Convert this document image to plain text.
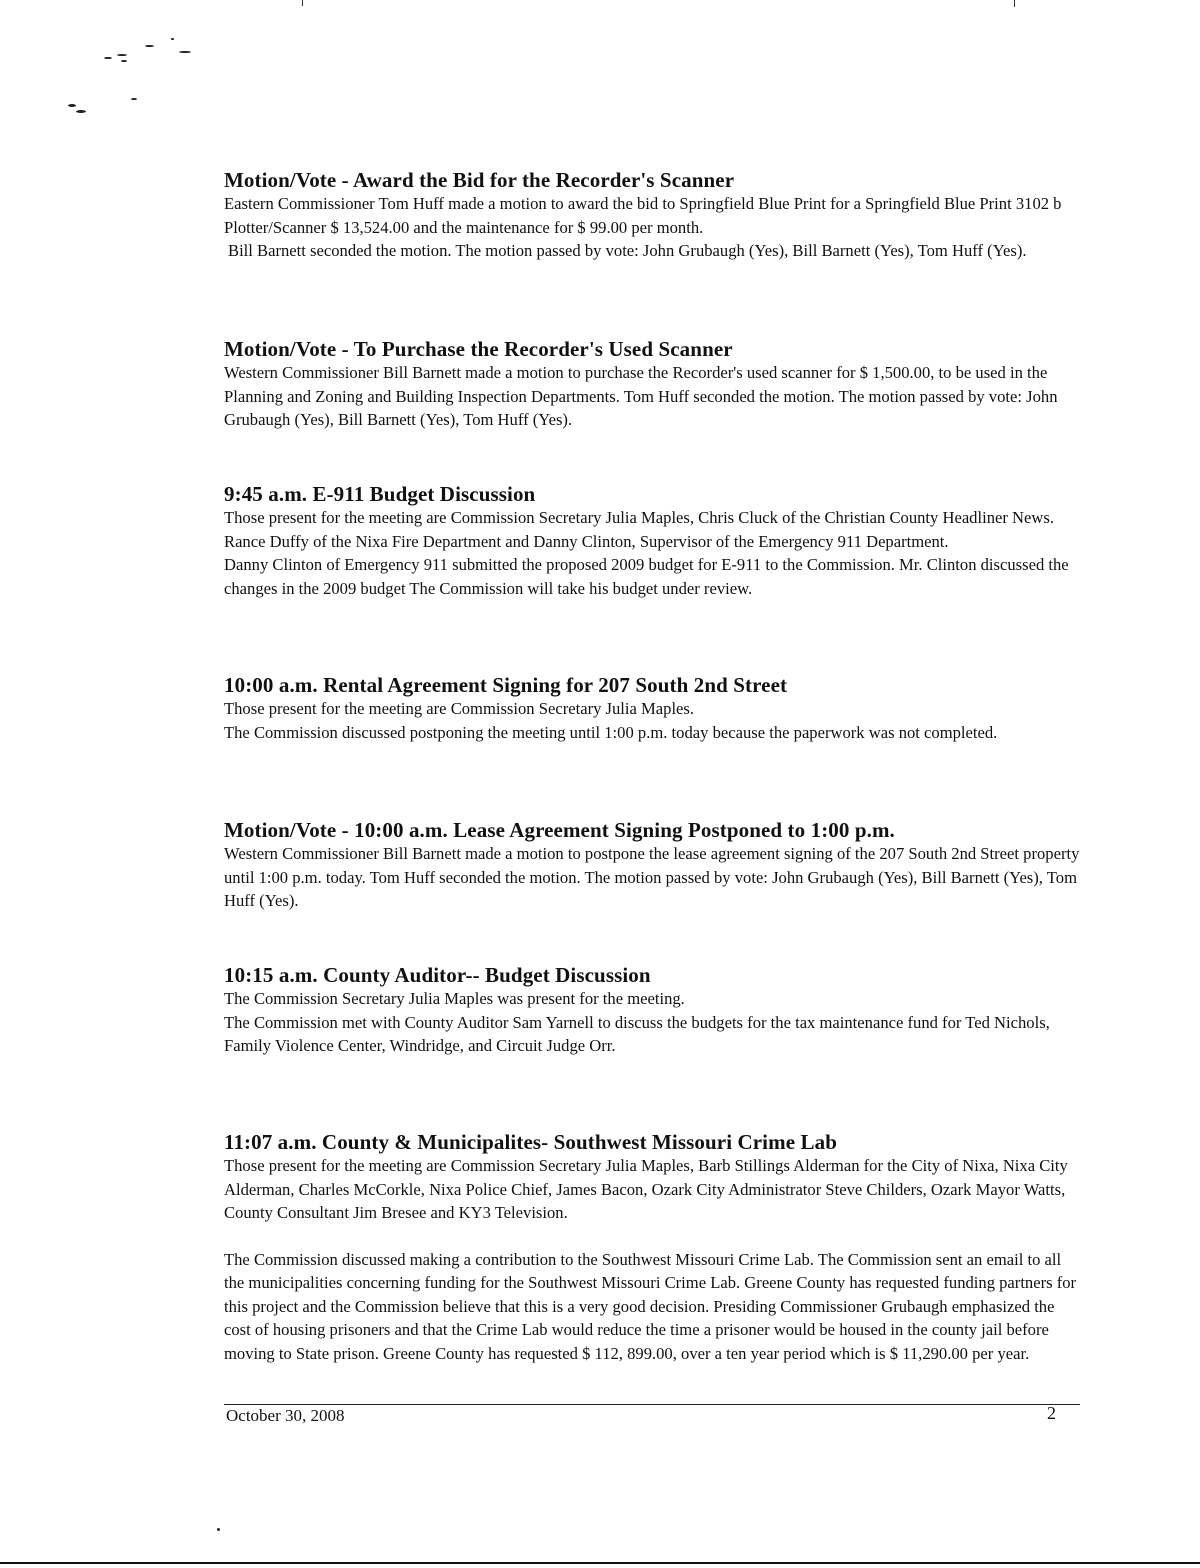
Motion/Vote - Award the Bid for the Recorder's Scanner

Eastern Commissioner Tom Huff made a motion to award the bid to Springfield Blue Print for a Springfield Blue Print 3102 b Plotter/Scanner $ 13,524.00 and the maintenance for $ 99.00 per month.

Bill Barnett seconded the motion. The motion passed by vote: John Grubaugh (Yes), Bill Barnett (Yes), Tom Huff (Yes).

Motion/Vote - To Purchase the Recorder's Used Scanner

Western Commissioner Bill Barnett made a motion to purchase the Recorder's used scanner for $ 1,500.00, to be used in the Planning and Zoning and Building Inspection Departments. Tom Huff seconded the motion. The motion passed by vote: John Grubaugh (Yes), Bill Barnett (Yes), Tom Huff (Yes).

9:45 a.m. E-911 Budget Discussion

Those present for the meeting are Commission Secretary Julia Maples, Chris Cluck of the Christian County Headliner News. Rance Duffy of the Nixa Fire Department and Danny Clinton, Supervisor of the Emergency 911 Department.

Danny Clinton of Emergency 911 submitted the proposed 2009 budget for E-911 to the Commission. Mr. Clinton discussed the changes in the 2009 budget The Commission will take his budget under review.

10:00 a.m. Rental Agreement Signing for 207 South 2nd Street

Those present for the meeting are Commission Secretary Julia Maples.

The Commission discussed postponing the meeting until 1:00 p.m. today because the paperwork was not completed.

Motion/Vote - 10:00 a.m. Lease Agreement Signing Postponed to 1:00 p.m.

Western Commissioner Bill Barnett made a motion to postpone the lease agreement signing of the 207 South 2nd Street property until 1:00 p.m. today. Tom Huff seconded the motion. The motion passed by vote: John Grubaugh (Yes), Bill Barnett (Yes), Tom Huff (Yes).

10:15 a.m. County Auditor-- Budget Discussion

The Commission Secretary Julia Maples was present for the meeting.

The Commission met with County Auditor Sam Yarnell to discuss the budgets for the tax maintenance fund for Ted Nichols, Family Violence Center, Windridge, and Circuit Judge Orr.

11:07 a.m. County & Municipalites- Southwest Missouri Crime Lab

Those present for the meeting are Commission Secretary Julia Maples, Barb Stillings Alderman for the City of Nixa, Nixa City Alderman, Charles McCorkle, Nixa Police Chief, James Bacon, Ozark City Administrator Steve Childers, Ozark Mayor Watts, County Consultant Jim Bresee and KY3 Television.

The Commission discussed making a contribution to the Southwest Missouri Crime Lab. The Commission sent an email to all the municipalities concerning funding for the Southwest Missouri Crime Lab. Greene County has requested funding partners for this project and the Commission believe that this is a very good decision. Presiding Commissioner Grubaugh emphasized the cost of housing prisoners and that the Crime Lab would reduce the time a prisoner would be housed in the county jail before moving to State prison. Greene County has requested $ 112, 899.00, over a ten year period which is $ 11,290.00 per year.

October 30, 2008	2
